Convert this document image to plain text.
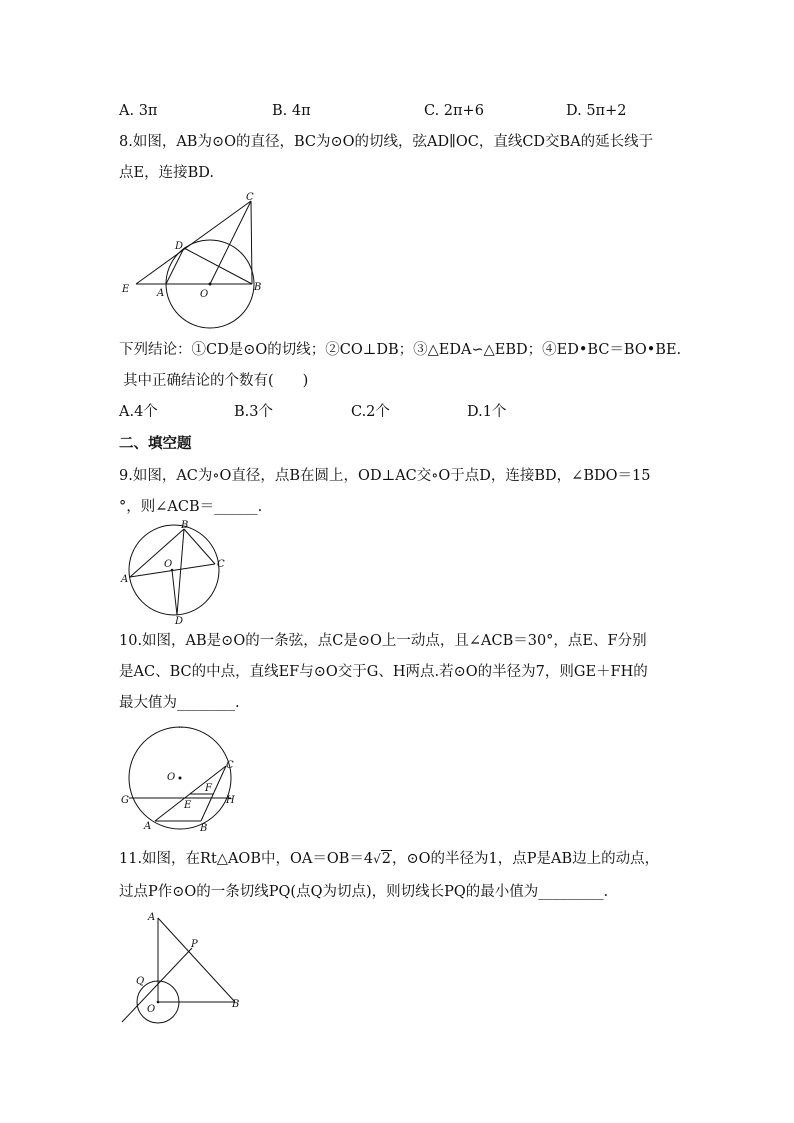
A. 3π	B. 4π	C. 2π+6	D. 5π+2
8.如图，AB为⊙O的直径，BC为⊙O的切线，弦AD∥OC，直线CD交BA的延长线于
点E，连接BD.
C
D
E	A	O
B
下列结论：①CD是⊙O的切线；②CO⊥DB；③△EDA∽△EBD；④ED•BC＝BO•BE.
其中正确结论的个数有(　　)
A.4个	B.3个	C.2个	D.1个
二、填空题
9.如图，AC为∘O直径，点B在圆上，OD⊥AC交∘O于点D，连接BD，∠BDO＝15
°，则∠ACB＝______.
B
O	C
A
D
10.如图，AB是⊙O的一条弦，点C是⊙O上一动点，且∠ACB＝30°，点E、F分别
是AC、BC的中点，直线EF与⊙O交于G、H两点.若⊙O的半径为7，则GE＋FH的
最大值为________.
..
O
C
F
G	E	H
A	B
11.如图，在Rt△AOB中，OA＝OB＝4√2，⊙O的半径为1，点P是AB边上的动点，
过点P作⊙O的一条切线PQ(点Q为切点)，则切线长PQ的最小值为_________.
A
P
Q
O	B
